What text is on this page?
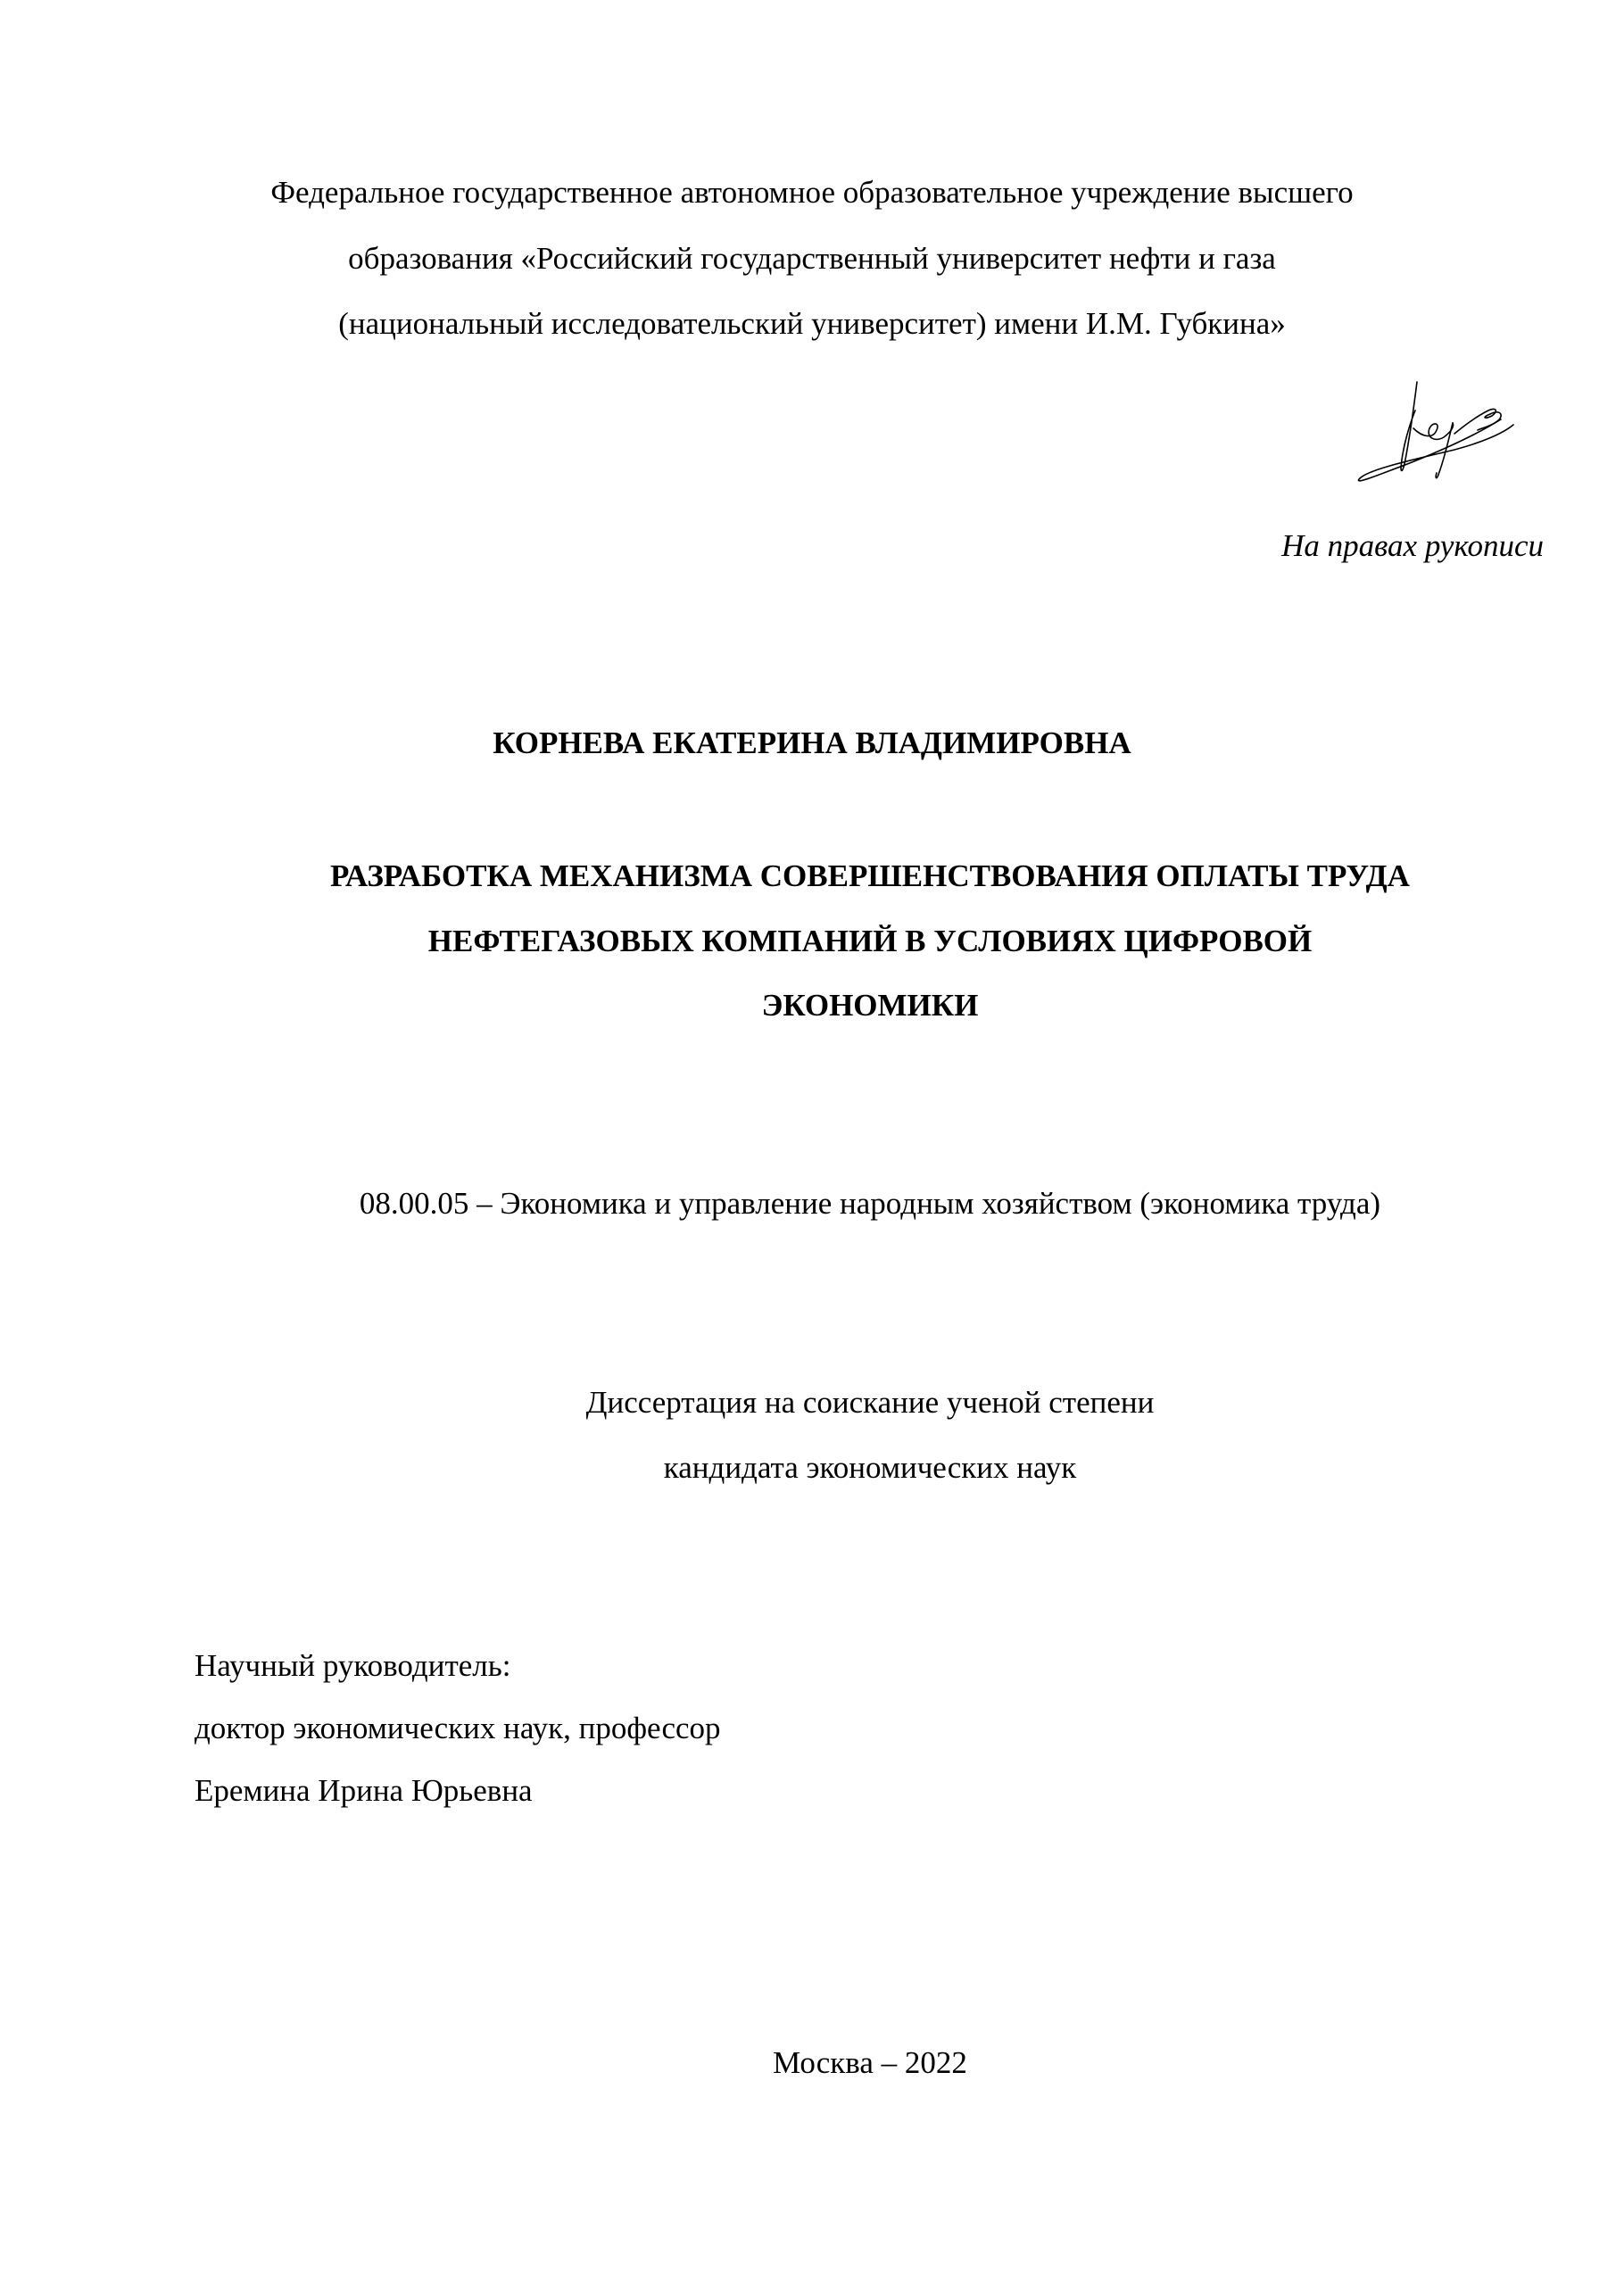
Федеральное государственное автономное образовательное учреждение высшего
образования «Российский государственный университет нефти и газа
(национальный исследовательский университет) имени И.М. Губкина»
На правах рукописи
КОРНЕВА ЕКАТЕРИНА ВЛАДИМИРОВНА
РАЗРАБОТКА МЕХАНИЗМА СОВЕРШЕНСТВОВАНИЯ ОПЛАТЫ ТРУДА
НЕФТЕГАЗОВЫХ КОМПАНИЙ В УСЛОВИЯХ ЦИФРОВОЙ
ЭКОНОМИКИ
08.00.05 – Экономика и управление народным хозяйством (экономика труда)
Диссертация на соискание ученой степени
кандидата экономических наук
Научный руководитель:
доктор экономических наук, профессор
Еремина Ирина Юрьевна
Москва – 2022
